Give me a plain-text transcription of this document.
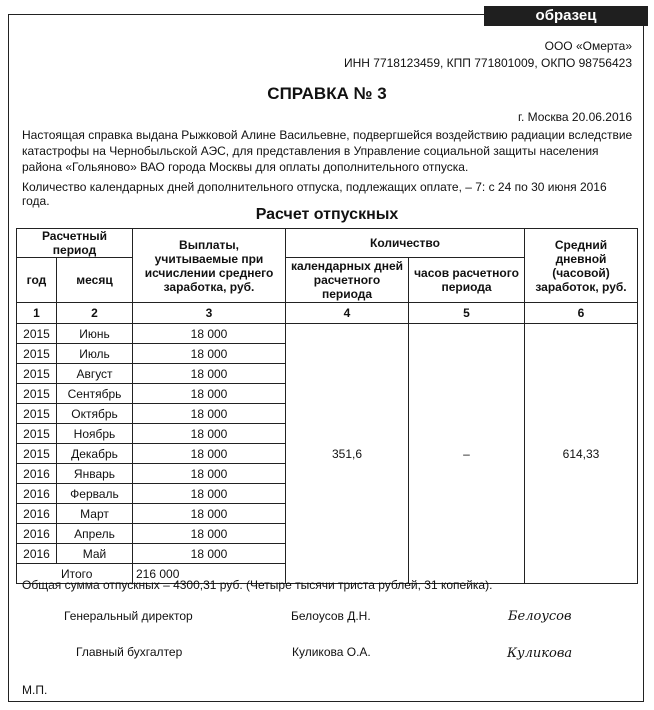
образец
ООО «Омерта»
ИНН 7718123459, КПП 771801009, ОКПО 98756423
СПРАВКА № 3
г. Москва 20.06.2016
Настоящая справка выдана Рыжковой Алине Васильевне, подвергшейся воздействию радиации вследствие катастрофы на Чернобыльской АЭС, для представления в Управление социальной защиты населения района «Гольяново» ВАО города Москвы для оплаты дополнительного отпуска.
Количество календарных дней дополнительного отпуска, подлежащих оплате, – 7: с 24 по 30 июня 2016 года.
Расчет отпускных
Расчетный период		Выплаты, учитываемые при исчислении среднего заработка, руб.	Количество		Средний дневной (часовой) заработок, руб.
год	месяц		календарных дней расчетного периода	часов расчетного периода	
1	2	3	4	5	6
2015	Июнь	18 000	351,6	–	614,33
2015	Июль	18 000			
2015	Август	18 000			
2015	Сентябрь	18 000			
2015	Октябрь	18 000			
2015	Ноябрь	18 000			
2015	Декабрь	18 000			
2016	Январь	18 000			
2016	Ферваль	18 000			
2016	Март	18 000			
2016	Апрель	18 000			
2016	Май	18 000			
Итого		216 000			
Общая сумма отпускных – 4300,31 руб. (Четыре тысячи триста рублей, 31 копейка).
Генеральный директор	Белоусов Д.Н.	Белоусов
Главный бухгалтер	Куликова О.А.	Куликова
М.П.
